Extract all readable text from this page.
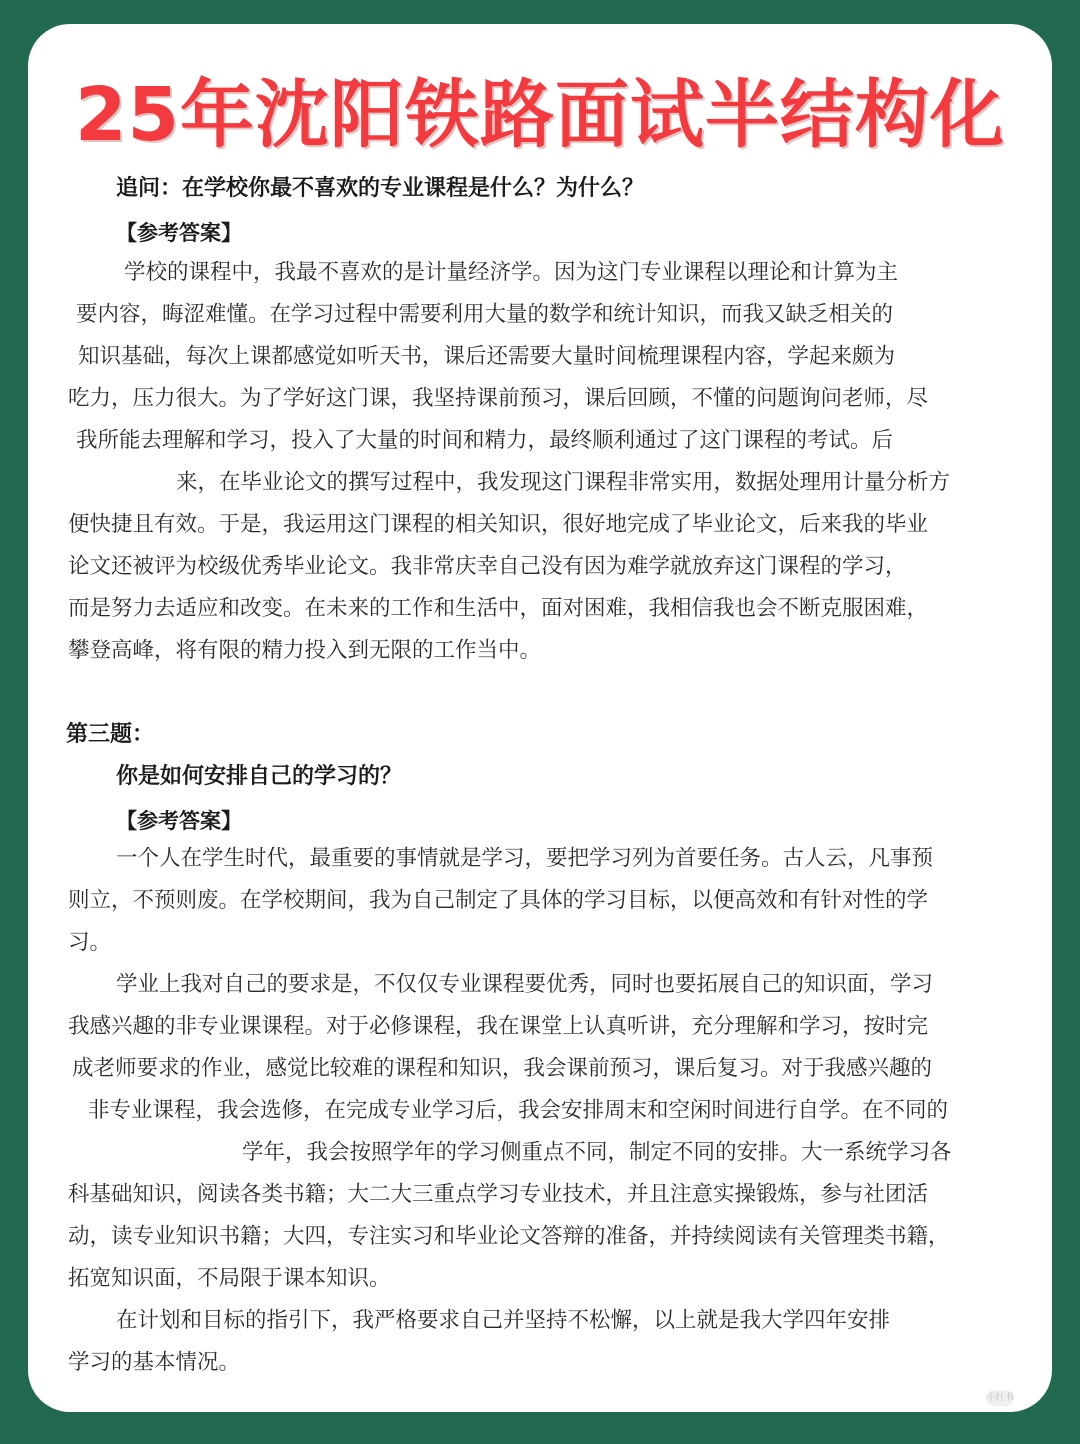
25年沈阳铁路面试半结构化
追问：在学校你最不喜欢的专业课程是什么？为什么？
【参考答案】
学校的课程中，我最不喜欢的是计量经济学。因为这门专业课程以理论和计算为主
要内容，晦涩难懂。在学习过程中需要利用大量的数学和统计知识，而我又缺乏相关的
知识基础，每次上课都感觉如听天书，课后还需要大量时间梳理课程内容，学起来颇为
吃力，压力很大。为了学好这门课，我坚持课前预习，课后回顾，不懂的问题询问老师，尽
我所能去理解和学习，投入了大量的时间和精力，最终顺利通过了这门课程的考试。后
来，在毕业论文的撰写过程中，我发现这门课程非常实用，数据处理用计量分析方
便快捷且有效。于是，我运用这门课程的相关知识，很好地完成了毕业论文，后来我的毕业
论文还被评为校级优秀毕业论文。我非常庆幸自己没有因为难学就放弃这门课程的学习，
而是努力去适应和改变。在未来的工作和生活中，面对困难，我相信我也会不断克服困难，
攀登高峰，将有限的精力投入到无限的工作当中。
第三题：
你是如何安排自己的学习的？
【参考答案】
一个人在学生时代，最重要的事情就是学习，要把学习列为首要任务。古人云，凡事预
则立，不预则废。在学校期间，我为自己制定了具体的学习目标，以便高效和有针对性的学
习。
学业上我对自己的要求是，不仅仅专业课程要优秀，同时也要拓展自己的知识面，学习
我感兴趣的非专业课课程。对于必修课程，我在课堂上认真听讲，充分理解和学习，按时完
成老师要求的作业，感觉比较难的课程和知识，我会课前预习，课后复习。对于我感兴趣的
非专业课程，我会选修，在完成专业学习后，我会安排周末和空闲时间进行自学。在不同的
学年，我会按照学年的学习侧重点不同，制定不同的安排。大一系统学习各
科基础知识，阅读各类书籍；大二大三重点学习专业技术，并且注意实操锻炼，参与社团活
动，读专业知识书籍；大四，专注实习和毕业论文答辩的准备，并持续阅读有关管理类书籍，
拓宽知识面，不局限于课本知识。
在计划和目标的指引下，我严格要求自己并坚持不松懈，以上就是我大学四年安排
学习的基本情况。
小红书
